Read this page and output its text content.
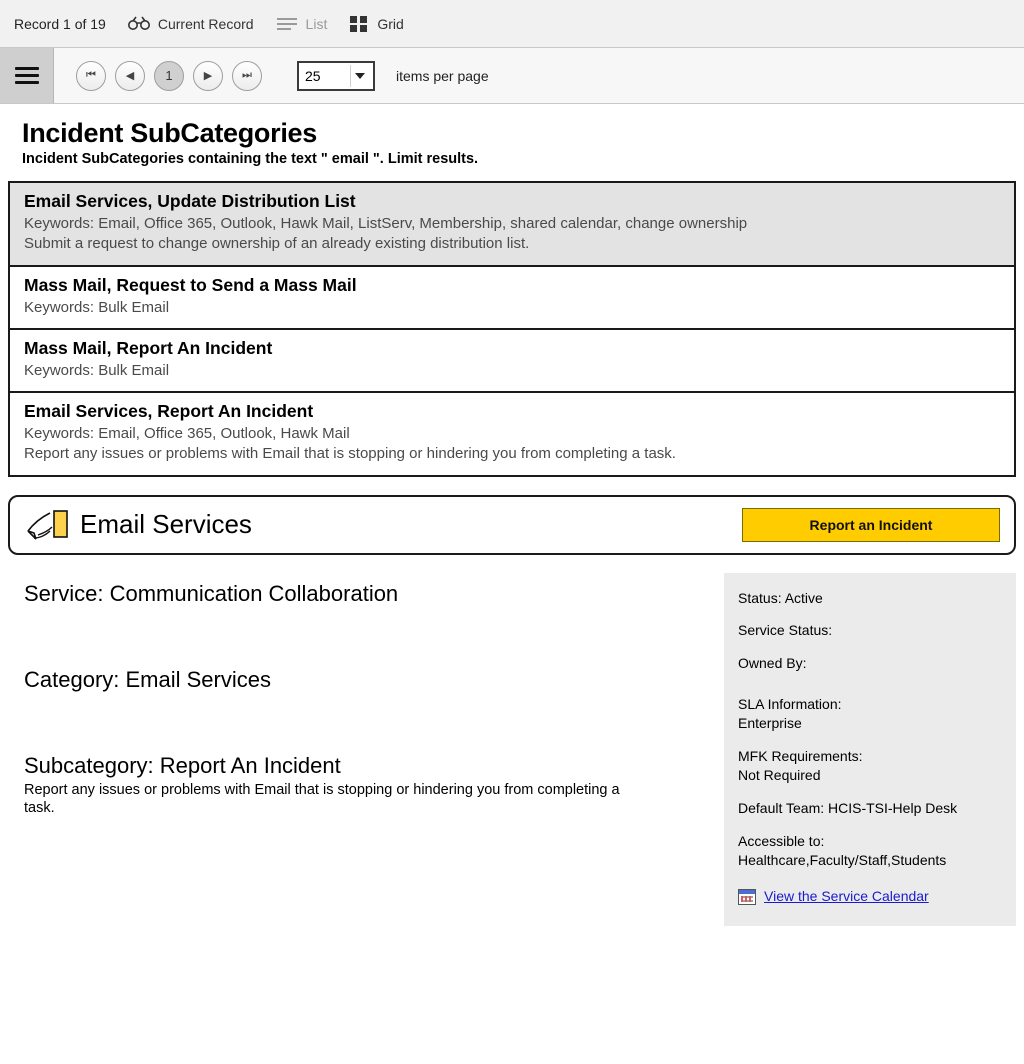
Record 1 of 19	Current Record	List	Grid
⏮	◀	1	▶	⏭	25	items per page
Incident SubCategories
Incident SubCategories containing the text " email ". Limit results.
Email Services, Update Distribution List
Keywords: Email, Office 365, Outlook, Hawk Mail, ListServ, Membership, shared calendar, change ownership
Submit a request to change ownership of an already existing distribution list.
Mass Mail, Request to Send a Mass Mail
Keywords: Bulk Email
Mass Mail, Report An Incident
Keywords: Bulk Email
Email Services, Report An Incident
Keywords: Email, Office 365, Outlook, Hawk Mail
Report any issues or problems with Email that is stopping or hindering you from completing a task.
Email Services	Report an Incident
Service: Communication Collaboration
Category: Email Services
Subcategory: Report An Incident
Report any issues or problems with Email that is stopping or hindering you from completing a task.
Status: Active
Service Status:
Owned By:
SLA Information:
Enterprise
MFK Requirements:
Not Required
Default Team: HCIS-TSI-Help Desk
Accessible to:
Healthcare,Faculty/Staff,Students
View the Service Calendar
